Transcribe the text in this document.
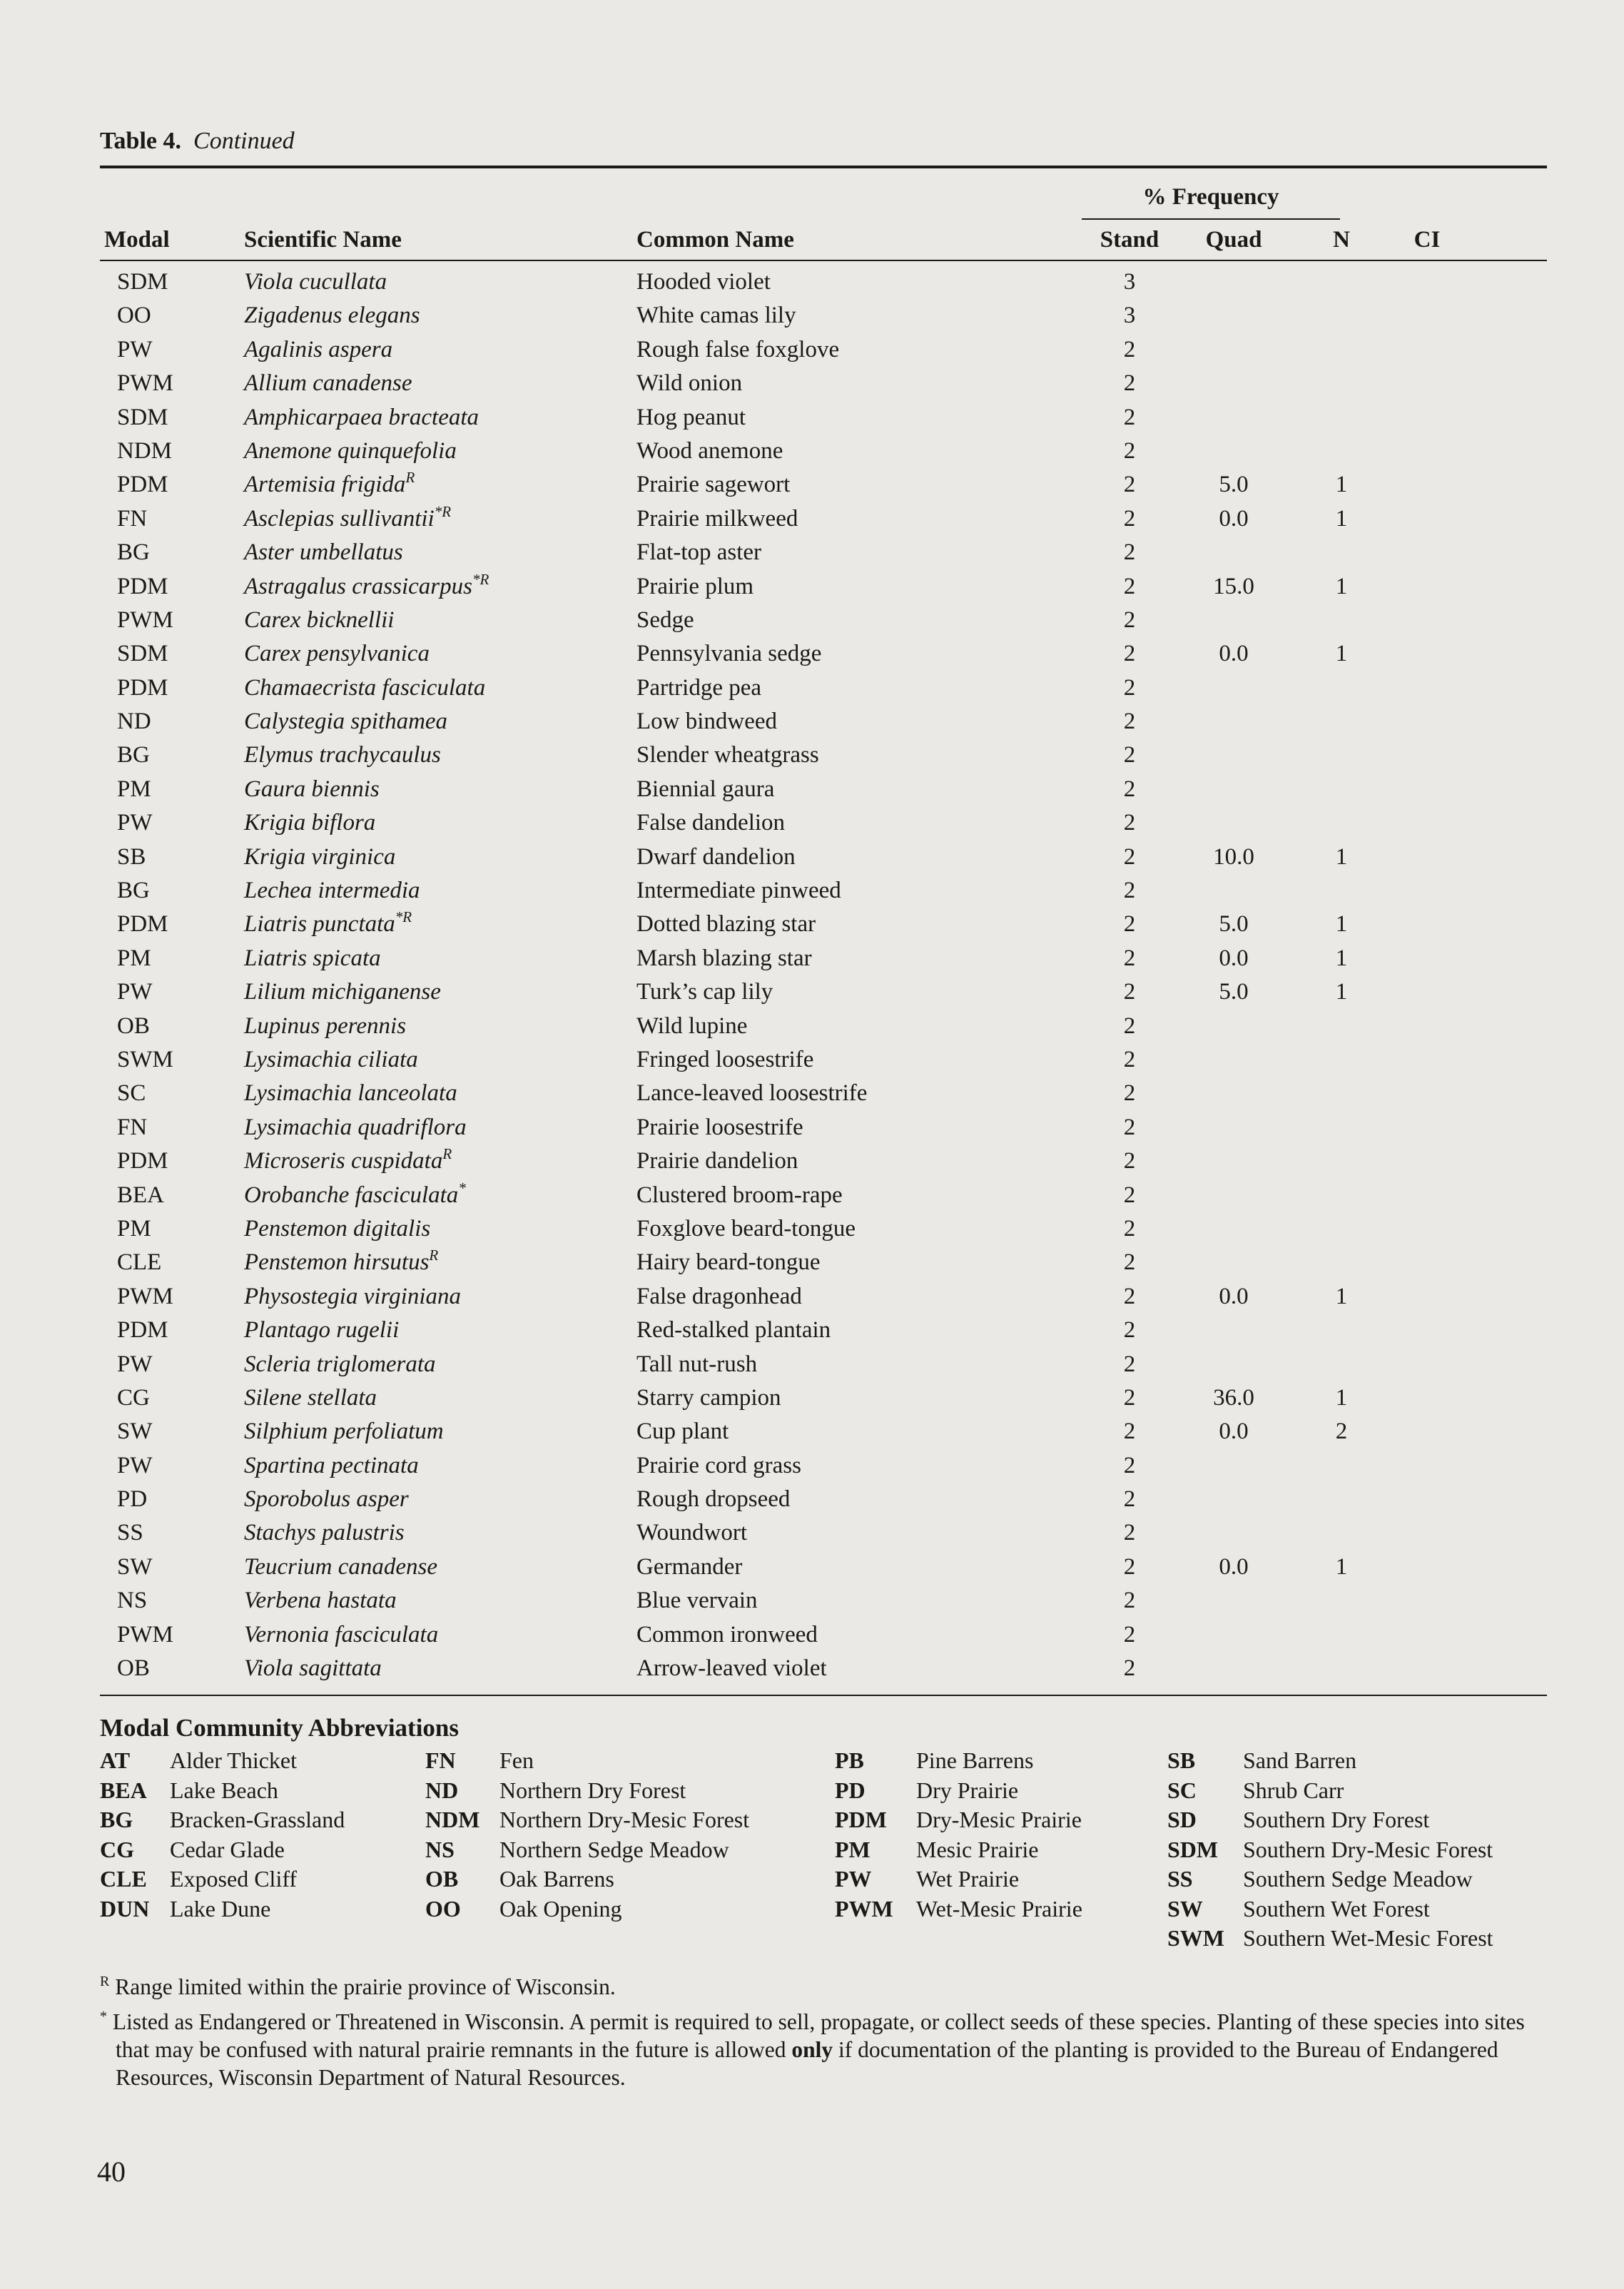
Table 4. Continued
% Frequency
Modal	Scientific Name	Common Name	Stand	Quad	N	CI
SDM	Viola cucullata	Hooded violet	3
OO	Zigadenus elegans	White camas lily	3
PW	Agalinis aspera	Rough false foxglove	2
PWM	Allium canadense	Wild onion	2
SDM	Amphicarpaea bracteata	Hog peanut	2
NDM	Anemone quinquefolia	Wood anemone	2
PDM	Artemisia frigida$^R$	Prairie sagewort	2	5.0	1
FN	Asclepias sullivantii$^{*R}$	Prairie milkweed	2	0.0	1
BG	Aster umbellatus	Flat-top aster	2
PDM	Astragalus crassicarpus$^{*R}$	Prairie plum	2	15.0	1
PWM	Carex bicknellii	Sedge	2
SDM	Carex pensylvanica	Pennsylvania sedge	2	0.0	1
PDM	Chamaecrista fasciculata	Partridge pea	2
ND	Calystegia spithamea	Low bindweed	2
BG	Elymus trachycaulus	Slender wheatgrass	2
PM	Gaura biennis	Biennial gaura	2
PW	Krigia biflora	False dandelion	2
SB	Krigia virginica	Dwarf dandelion	2	10.0	1
BG	Lechea intermedia	Intermediate pinweed	2
PDM	Liatris punctata$^{*R}$	Dotted blazing star	2	5.0	1
PM	Liatris spicata	Marsh blazing star	2	0.0	1
PW	Lilium michiganense	Turk’s cap lily	2	5.0	1
OB	Lupinus perennis	Wild lupine	2
SWM	Lysimachia ciliata	Fringed loosestrife	2
SC	Lysimachia lanceolata	Lance-leaved loosestrife	2
FN	Lysimachia quadriflora	Prairie loosestrife	2
PDM	Microseris cuspidata$^R$	Prairie dandelion	2
BEA	Orobanche fasciculata*	Clustered broom-rape	2
PM	Penstemon digitalis	Foxglove beard-tongue	2
CLE	Penstemon hirsutus$^R$	Hairy beard-tongue	2
PWM	Physostegia virginiana	False dragonhead	2	0.0	1
PDM	Plantago rugelii	Red-stalked plantain	2
PW	Scleria triglomerata	Tall nut-rush	2
CG	Silene stellata	Starry campion	2	36.0	1
SW	Silphium perfoliatum	Cup plant	2	0.0	2
PW	Spartina pectinata	Prairie cord grass	2
PD	Sporobolus asper	Rough dropseed	2
SS	Stachys palustris	Woundwort	2
SW	Teucrium canadense	Germander	2	0.0	1
NS	Verbena hastata	Blue vervain	2
PWM	Vernonia fasciculata	Common ironweed	2
OB	Viola sagittata	Arrow-leaved violet	2
Modal Community Abbreviations
AT Alder Thicket
BEA Lake Beach
BG Bracken-Grassland
CG Cedar Glade
CLE Exposed Cliff
DUN Lake Dune
FN Fen
ND Northern Dry Forest
NDM Northern Dry-Mesic Forest
NS Northern Sedge Meadow
OB Oak Barrens
OO Oak Opening
PB Pine Barrens
PD Dry Prairie
PDM Dry-Mesic Prairie
PM Mesic Prairie
PW Wet Prairie
PWM Wet-Mesic Prairie
SB Sand Barren
SC Shrub Carr
SD Southern Dry Forest
SDM Southern Dry-Mesic Forest
SS Southern Sedge Meadow
SW Southern Wet Forest
SWM Southern Wet-Mesic Forest
$^R$ Range limited within the prairie province of Wisconsin.
* Listed as Endangered or Threatened in Wisconsin. A permit is required to sell, propagate, or collect seeds of these species. Planting of these species into sites that may be confused with natural prairie remnants in the future is allowed only if documentation of the planting is provided to the Bureau of Endangered Resources, Wisconsin Department of Natural Resources.
40
